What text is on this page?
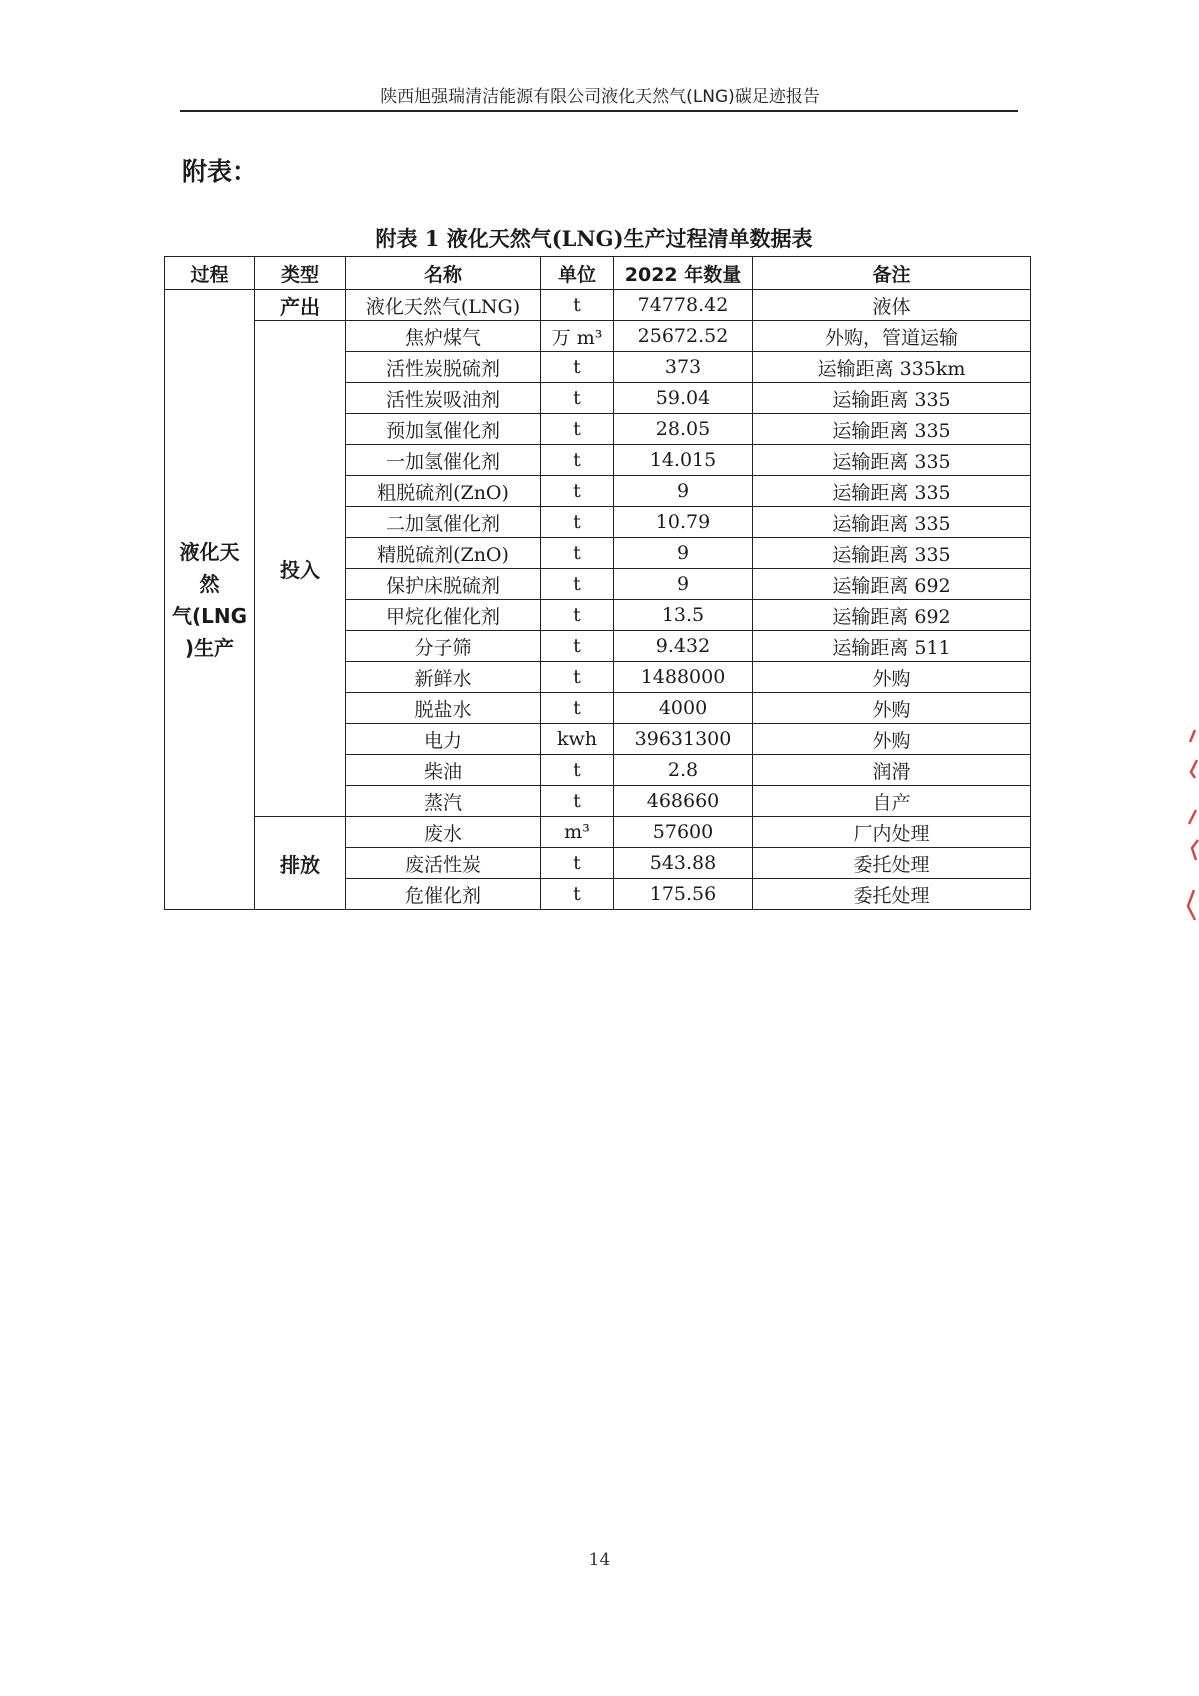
陕西旭强瑞清洁能源有限公司液化天然气(LNG)碳足迹报告
附表：
附表 1 液化天然气(LNG)生产过程清单数据表
过程	类型	名称	单位	2022 年数量	备注
液化天
然
气(LNG
)生产	产出	液化天然气(LNG)	t	74778.42	液体
	投入	焦炉煤气	万 m³	25672.52	外购，管道运输
		活性炭脱硫剂	t	373	运输距离 335km
		活性炭吸油剂	t	59.04	运输距离 335
		预加氢催化剂	t	28.05	运输距离 335
		一加氢催化剂	t	14.015	运输距离 335
		粗脱硫剂(ZnO)	t	9	运输距离 335
		二加氢催化剂	t	10.79	运输距离 335
		精脱硫剂(ZnO)	t	9	运输距离 335
		保护床脱硫剂	t	9	运输距离 692
		甲烷化催化剂	t	13.5	运输距离 692
		分子筛	t	9.432	运输距离 511
		新鲜水	t	1488000	外购
		脱盐水	t	4000	外购
		电力	kwh	39631300	外购
		柴油	t	2.8	润滑
		蒸汽	t	468660	自产
	排放	废水	m³	57600	厂内处理
		废活性炭	t	543.88	委托处理
		危催化剂	t	175.56	委托处理
14
